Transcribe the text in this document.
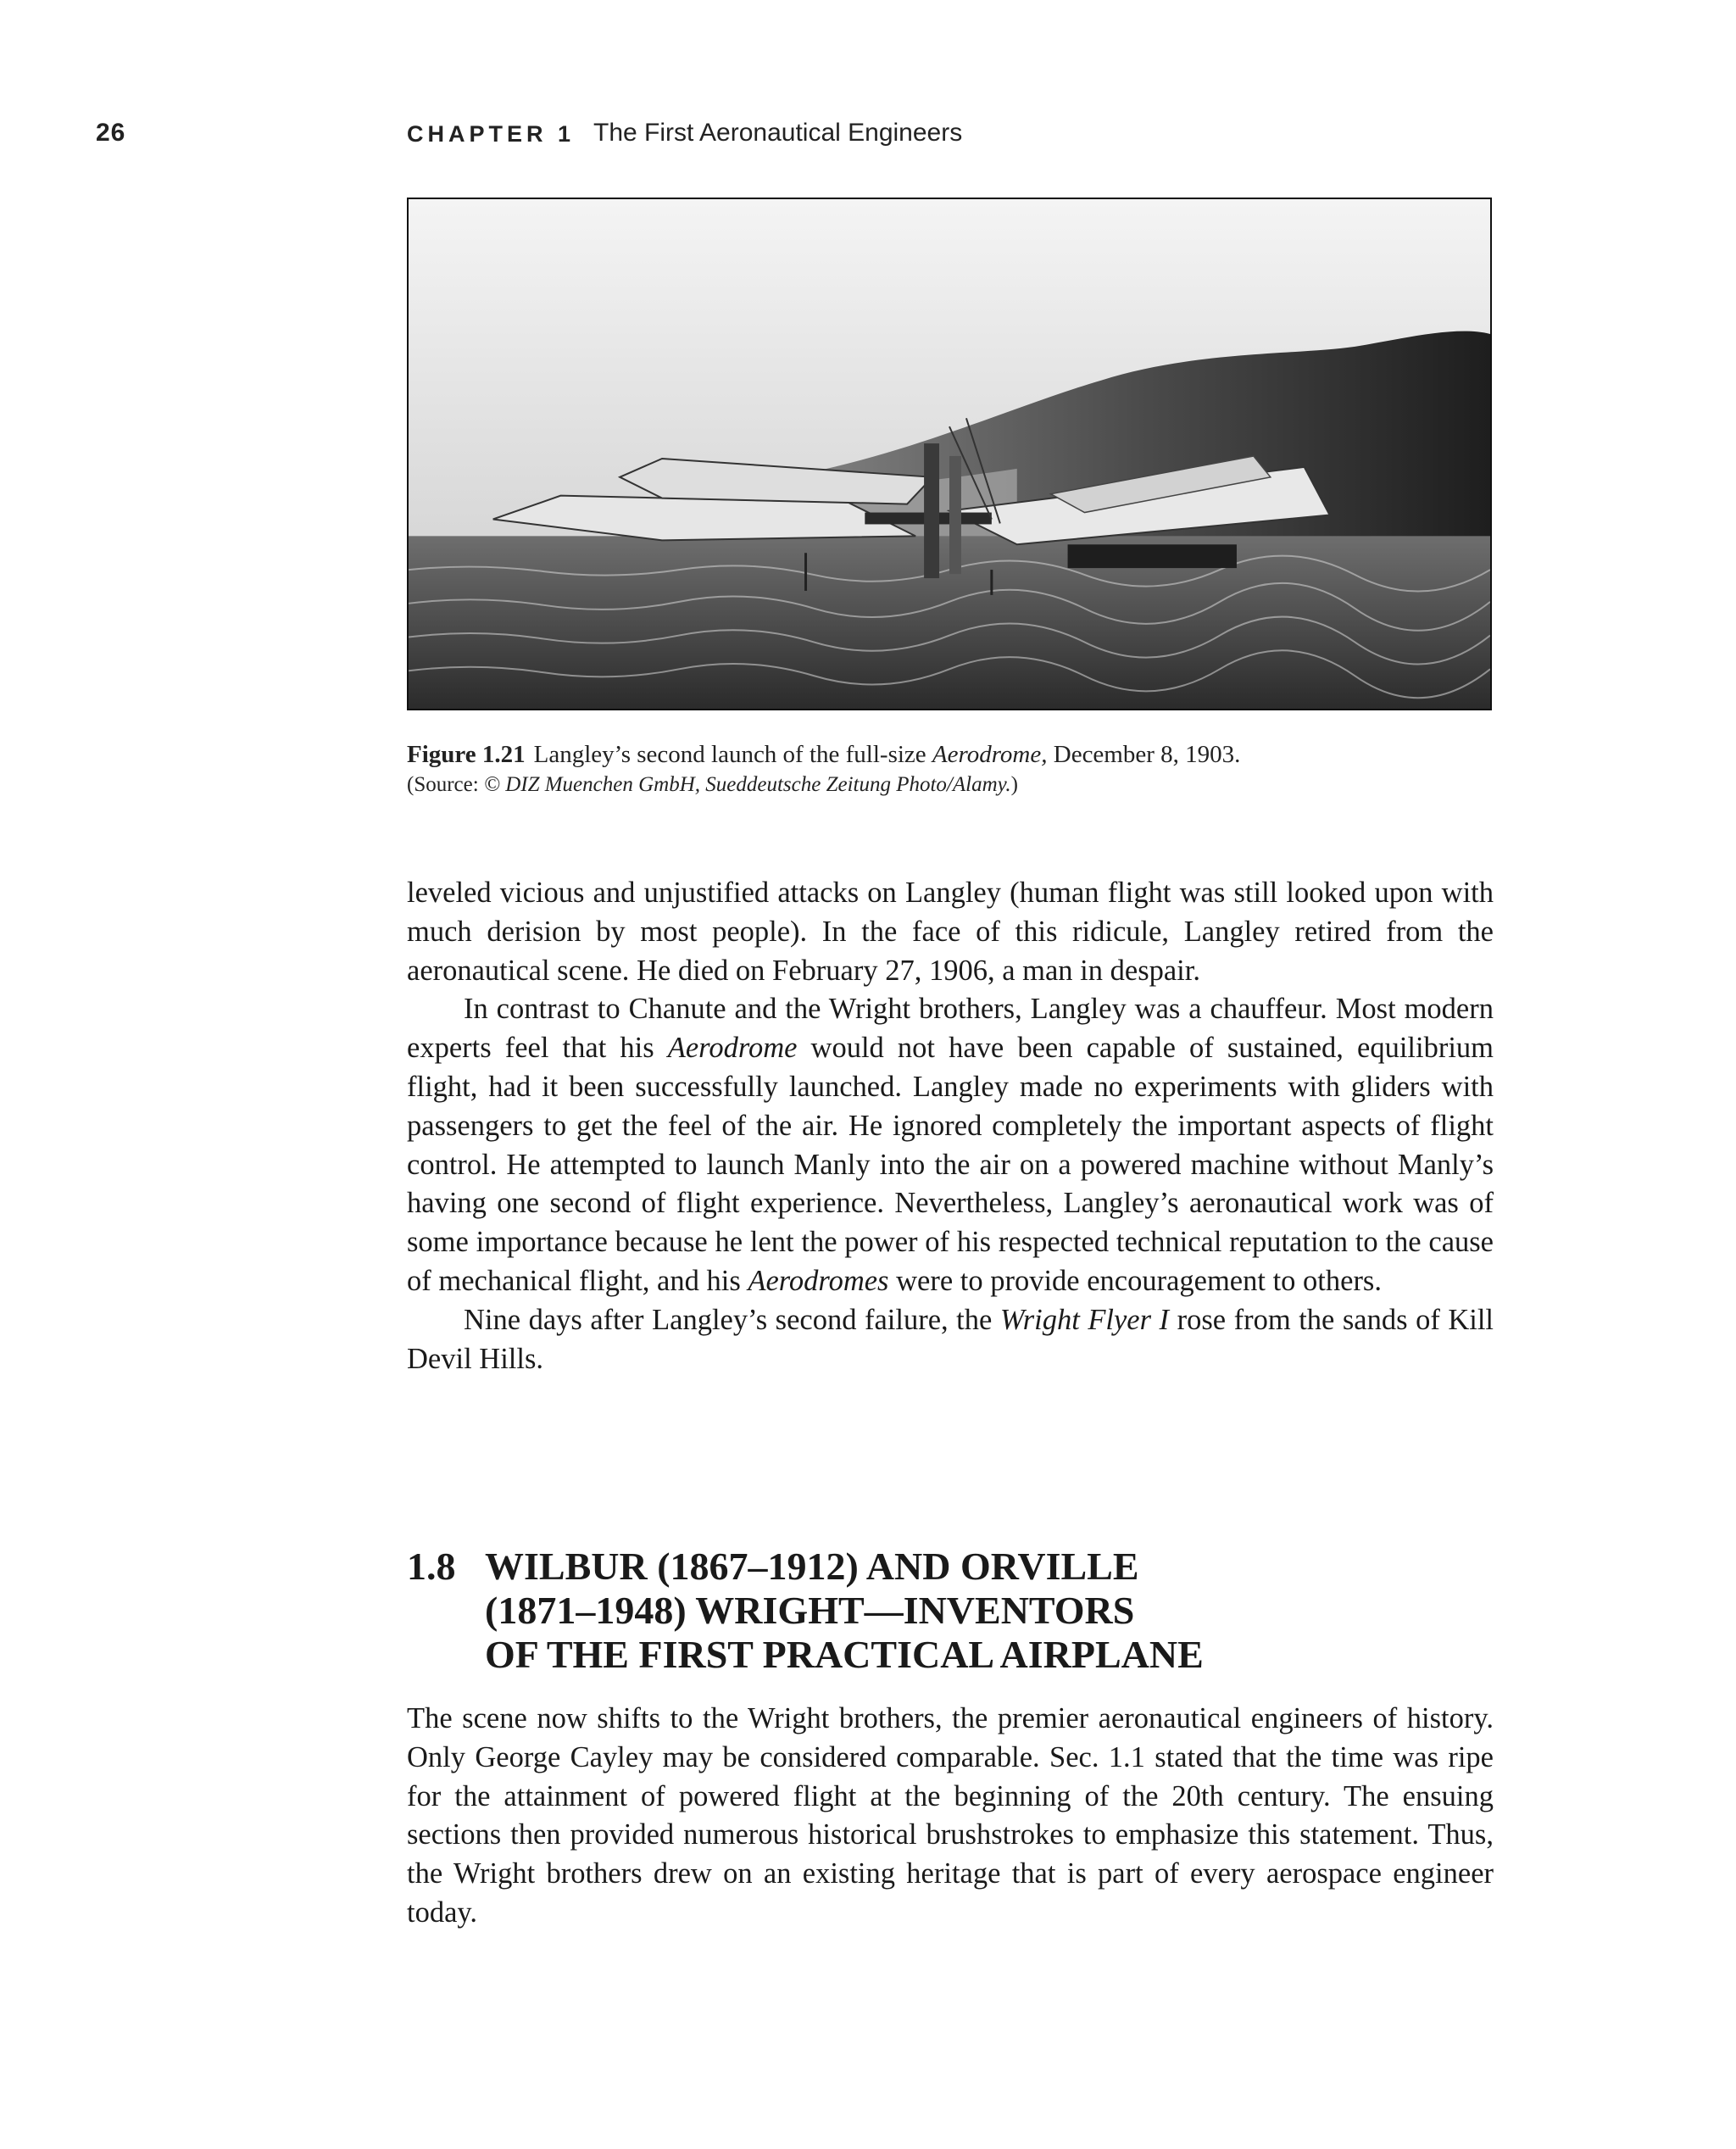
26	CHAPTER 1 The First Aeronautical Engineers
Figure 1.21 Langley’s second launch of the full-size Aerodrome, December 8, 1903.
(Source: © DIZ Muenchen GmbH, Sueddeutsche Zeitung Photo/Alamy.)

leveled vicious and unjustified attacks on Langley (human flight was still looked upon with much derision by most people). In the face of this ridicule, Langley retired from the aeronautical scene. He died on February 27, 1906, a man in despair.

In contrast to Chanute and the Wright brothers, Langley was a chauffeur. Most modern experts feel that his Aerodrome would not have been capable of sustained, equilibrium flight, had it been successfully launched. Langley made no experiments with gliders with passengers to get the feel of the air. He ignored completely the important aspects of flight control. He attempted to launch Manly into the air on a powered machine without Manly’s having one second of flight experience. Nevertheless, Langley’s aeronautical work was of some importance because he lent the power of his respected technical reputation to the cause of mechanical flight, and his Aerodromes were to provide encouragement to others.

Nine days after Langley’s second failure, the Wright Flyer I rose from the sands of Kill Devil Hills.

1.8 WILBUR (1867–1912) AND ORVILLE
(1871–1948) WRIGHT—INVENTORS
OF THE FIRST PRACTICAL AIRPLANE

The scene now shifts to the Wright brothers, the premier aeronautical engineers of history. Only George Cayley may be considered comparable. Sec. 1.1 stated that the time was ripe for the attainment of powered flight at the beginning of the 20th century. The ensuing sections then provided numerous historical brushstrokes to emphasize this statement. Thus, the Wright brothers drew on an existing heritage that is part of every aerospace engineer today.
